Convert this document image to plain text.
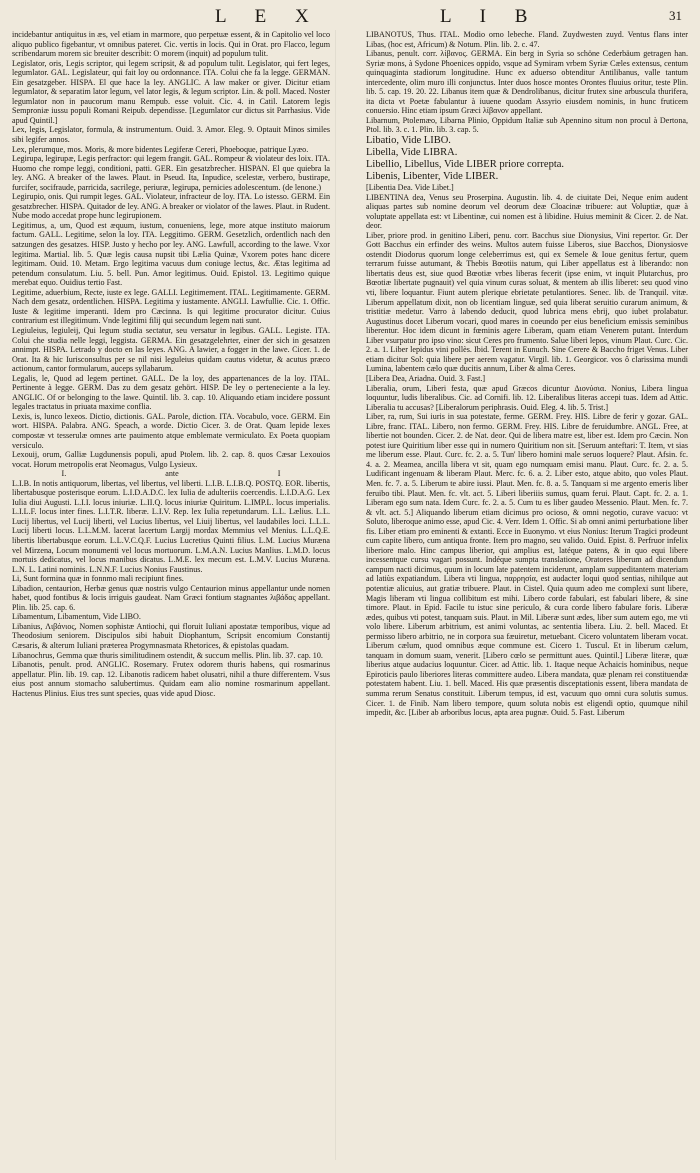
L E X	L I B	31

incidebantur antiquitus in æs, vel etiam in marmore, quo perpetuæ essent, & in Capitolio vel loco aliquo publico figebantur, vt omnibus pateret. Cic. vertis in locis. Qui in Orat. pro Flacco, legum scribendarum morem sic breuiter describit: O morem (inquit) ad populum tulit.

Legislator, oris, Legis scriptor, qui legem scripsit, & ad populum tulit. Legislator, qui fert leges, legumlator. GAL. Legislateur, qui fait loy ou ordonnance. ITA. Colui che fa la legge. GERMAN. Ein gesatzgeber. HISPA. El que hace la ley. ANGLIC. A law maker or giver. Dicitur etiam legumlator, & separatim lator legum, vel lator legis, & legum scriptor. Lin. & poll. Maced. Noster legumlator non in paucorum manu Rempub. esse voluit. Cic. 4. in Catil. Latorem legis Semproniæ iussu populi Romani Reipub. dependisse. [Legumlator cur dictus sit Parrhasius. Vide apud Quintil.]

Lex, legis, Legislator, formula, & instrumentum. Ouid. 3. Amor. Eleg. 9. Optauit Minos similes sibi legifer annos.

Lex, plerumque, mos. Moris, & more bidentes Legiferæ Cereri, Phoeboque, patrique Lyæo.

Legirupa, legirupæ, Legis perfractor: qui legem frangit. GAL. Rompeur & violateur des loix. ITA. Huomo che rompe leggi, conditioni, patti. GER. Ein gesatzbrecher. HISPAN. El que quiebra la ley. ANG. A breaker of the lawes. Plaut. in Pseud. Ita, Inpudice, scelestæ, verbero, bustirape, furcifer, socifraude, parricida, sacrilege, periuræ, legirupa, pernicies adolescentum. (de lenone.)

Legirupio, onis. Qui rumpit leges. GAL. Violateur, infracteur de loy. ITA. Lo istesso. GERM. Ein gesatzbrecher. HISPA. Quitador de ley. ANG. A breaker or violator of the lawes. Plaut. in Rudent. Nube modo accedat prope hunc legirupionem.

Legitimus, a, um, Quod est æquum, iustum, conueniens, lege, more atque instituto maiorum factum. GALL. Legitime, selon la loy. ITA. Leggitimo. GERM. Gesetzlich, ordentlich nach den satzungen des gesatzes. HISP. Justo y hecho por ley. ANG. Lawfull, according to the lawe. Vxor legitima. Martial. lib. 5. Quæ legis causa nupsit tibi Lælia Quinæ, Vxorem potes hanc dicere legitimam. Ouid. 10. Metam. Ergo legitima vacuus dum coniuge lectus, &c. Ætas legitima ad petendum consulatum. Liu. 5. bell. Pun. Amor legitimus. Ouid. Epistol. 13. Legitimo quique merebat equo. Ouidius tertio Fast.

Legitime, aduerbium, Recte, iuste ex lege. GALLI. Legitimement. ITAL. Legitimamente. GERM. Nach dem gesatz, ordentlichen. HISPA. Legitima y iustamente. ANGLI. Lawfullie. Cic. 1. Offic. Iuste & legitime imperanti. Idem pro Cæcinna. Is qui legitime procurator dicitur. Cuius contrarium est illegitimum. Vnde legitimi filij qui secundum legem nati sunt.

Legiuleius, legiuleij, Qui legum studia sectatur, seu versatur in legibus. GALL. Legiste. ITA. Colui che studia nelle leggi, leggista. GERMA. Ein gesatzgelehrter, einer der sich in gesatzen annimpt. HISPA. Letrado y docto en las leyes. ANG. A lawier, a fogger in the lawe. Cicer. 1. de Orat. Ita & hic Iurisconsultus per se nil nisi leguleius quidam cautus videtur, & acutus præco actionum, cantor formularum, auceps syllabarum.

Legalis, le, Quod ad legem pertinet. GALL. De la loy, des appartenances de la loy. ITAL. Pertinente à legge. GERM. Das zu dem gesatz gehört. HISP. De ley o perteneciente a la ley. ANGLIC. Of or belonging to the lawe. Quintil. lib. 3. cap. 10. Aliquando etiam incidere possunt legales tractatus in priuata maxime conflia.

Lexis, is, lunco lexeos. Dictio, dictionis. GAL. Parole, diction. ITA. Vocabulo, voce. GERM. Ein wort. HISPA. Palabra. ANG. Speach, a worde. Dictio Cicer. 3. de Orat. Quam lepide lexes compostæ vt tesserulæ omnes arte pauimento atque emblemate vermiculato. Ex Poeta quopiam versiculo.

Lexouij, orum, Galliæ Lugdunensis populi, apud Ptolem. lib. 2. cap. 8. quos Cæsar Lexouios vocat. Horum metropolis erat Neomagus, Vulgo Lysieux.

I.	ante	I

L.I.B. In notis antiquorum, libertas, vel libertus, vel liberti. L.I.B. L.I.B.Q. POSTQ. EOR. libertis, libertabusque posterisque eorum. L.I.D.A.D.C. lex Iulia de adulteriis coercendis. L.I.D.A.G. Lex Iulia diui Augusti. L.I.I. locus iniuriæ. L.II.Q. locus iniuriæ Quiritum. L.IMP.L. locus imperialis. L.I.L.F. locus inter fines. L.I.T.R. liberæ. L.I.V. Rep. lex Iulia repetundarum. L.L. Lælius. L.L. Lucij libertus, vel Lucij liberti, vel Lucius libertus, vel Liuij libertus, vel laudabiles loci. L.L.L. Lucij liberti locus. L.L.M.M. lacerat lacertum Largij mordax Memmius vel Menius. L.L.Q.E. libertis libertabusque eorum. L.L.V.C.Q.F. Lucius Lucretius Quinti filius. L.M. Lucius Muræna vel Mirzena, Locum monumenti vel locus mortuorum. L.M.A.N. Lucius Manlius. L.M.D. locus mortuis dedicatus, vel locus manibus dicatus. L.M.E. lex mecum est. L.M.V. Lucius Muræna. L.N. L. Latini nominis. L.N.N.F. Lucius Nonius Faustinus.

Li, Sunt formina quæ in fonnmo mali recipiunt fines.

Libadion, centaurion, Herbæ genus quæ nostris vulgo Centaurion minus appellantur unde nomen habet, quod fontibus & locis irriguis gaudeat. Nam Græci fontium stagnantes λιβάδας appellant. Plin. lib. 25. cap. 6.

Libamentum, Libamentum, Vide LIBO.

Libanius, Λιβάνιος, Nomen sophistæ Antiochi, qui floruit Iuliani apostatæ temporibus, vique ad Theodosium seniorem. Discipulos sibi habuit Diophantum, Scripsit encomium Constantij Cæsaris, & alterum Iuliani præterea Progymnasmata Rhetorices, & epistolas quadam.

Libanochrus, Gemma quæ thuris similitudinem ostendit, & succum mellis. Plin. lib. 37. cap. 10.

Libanotis, penult. prod. ANGLIC. Rosemary. Frutex odorem thuris habens, qui rosmarinus appellatur. Plin. lib. 19. cap. 12. Libanotis radicem habet olusatri, nihil a thure differentem. Vsus eius post annum stomacho salubertimus. Quidam eam alio nomine rosmarinum appellant. Hactenus Plinius. Eius tres sunt species, quas vide apud Diosc.

LIBANOTUS, Thus. ITAL. Modio orno lebeche. Fland. Zuydwesten zuyd. Ventus flans inter Libas, (hoc est, Africum) & Notum. Plin. lib. 2. c. 47.

Libanus, penult. corr. λίβανος. GERMA. Ein berg in Syria so schöne Cederbäum getragen han. Syriæ mons, à Sydone Phoenices oppido, vsque ad Symiram vrbem Syriæ Cæles extensus, centum quinquaginta stadiorum longitudine. Hunc ex aduerso obtenditur Antilibanus, valle tantum intercedente, olim muro illi conjunctus. Inter duos hosce montes Orontes fluuius oritur, teste Plin. lib. 5. cap. 19. 20. 22. Libanus item quæ & Dendrolibanus, dicitur frutex sine arbuscula thurifera, ita dicta vt Poetæ fabulantur à iuuene quodam Assyrio eiusdem nominis, in hunc fruticem conuersio. Hinc etiam ipsum Græci λίβανον appellant.

Libarnum, Ptolemæo, Libarna Plinio, Oppidum Italiæ sub Apennino situm non procul à Dertona, Ptol. lib. 3. c. 1. Plin. lib. 3. cap. 5.

Libatio, Vide LIBO.

Libella, Vide LIBRA.

Libellio, Libellus, Vide LIBER priore correpta.

Libenis, Libenter, Vide LIBER.

[Libentia Dea. Vide Libet.]

LIBENTINA dea, Venus seu Proserpina. Augustin. lib. 4. de ciuitate Dei, Neque enim audent aliquas partes sub nomine deorum vel deorum deæ Cloacinæ tribuere: aut Voluptiæ, quæ à voluptate appellata est: vt Libentinæ, cui nomen est à libidine. Huius meminit & Cicer. 2. de Nat. deor.

Liber, priore prod. in genitino Liberi, penu. corr. Bacchus siue Dionysius, Vini repertor. Gr. Der Gott Bacchus ein erfinder des weins. Multos autem fuisse Liberos, siue Bacchos, Dionysiosve ostendit Diodorus quorum longe celeberrimus est, qui ex Semele & Ioue genitus fertur, quem terrarum fuisse autumant, & Thebis Bœotiis natum, qui Liber appellatus est à liberando: non libertatis deus est, siue quod Bœotiæ vrbes liberas fecerit (ipse enim, vt inquit Plutarchus, pro Bœotiæ libertate pugnauit) vel quia vinum curas soluat, & mentem ab illis liberet: seu quod vino vti, libere loquantur. Fiunt autem plerique ebrietate petulantiores. Senec. lib. de Tranquil. vitæ. Liberum appellatum dixit, non ob licentiam linguæ, sed quia liberat seruitio curarum animum, & tristitiæ medetur. Varro à labendo deducit, quod lubrica mens ebrij, quo iubet prolabatur. Augustinus docet Liberum vocari, quod mares in coeundo per eius beneficium emissis seminibus liberentur. Hoc idem dicunt in fœminis agere Liberam, quam etiam Venerem putant. Interdum Liber vsurpatur pro ipso vino: sicut Ceres pro frumento. Salue liberi lepos, vinum Plaut. Curc. Cic. 2. a. 1. Liber lepidus vini pollès. Ibid. Terent in Eunuch. Sine Cerere & Baccho friget Venus. Liber etiam dicitur Sol: quia libere per aerem vagatur. Virgil. lib. 1. Georgicor. vos ô clarissima mundi Lumina, labentem cælo quæ ducitis annum, Liber & alma Ceres.

[Libera Dea, Ariadna. Ouid. 3. Fast.]

Liberalia, orum, Liberi festa, quæ apud Græcos dicuntur Διονύσια. Nonius, Libera lingua loquuntur, ludis liberalibus. Cic. ad Cornifi. lib. 12. Liberalibus literas accepi tuas. Idem ad Attic. Liberalia tu accusas? [Liberalorum periphrasis. Ouid. Eleg. 4. lib. 5. Trist.]

Liber, ra, rum, Sui iuris in sua potestate, ferme. GERM. Frey. HIS. Libre de ferir y gozar. GAL. Libre, franc. ITAL. Libero, non fermo. GERM. Frey. HIS. Libre de feruidumbre. ANGL. Free, at libertie not bounden. Cicer. 2. de Nat. deor. Qui de libera matre est, liber est. Idem pro Cæcin. Non potest iure Quiritium liber esse qui in numero Quiritium non sit. [Seruum anteftari: T. Item, vt sias me liberum esse. Plaut. Curc. fc. 2. a. 5. Tun' libero homini male seruos loquere? Plaut. Afsin. fc. 4. a. 2. Meamea, ancilla libera vt sit, quam ego numquam emisi manu. Plaut. Curc. fc. 2. a. 5. Ludificant ingenuam & liberam Plaut. Merc. fc. 6. a. 2. Liber esto, atque abito, quo voles Plaut. Men. fc. 7. a. 5. Liberum te abire iussi. Plaut. Men. fc. 8. a. 5. Tanquam si me argento emeris liber feruibo tibi. Plaut. Men. fc. vlt. act. 5. Liberi liberiiis sumus, quam ferui. Plaut. Capt. fc. 2. a. 1. Liberam ego sum nata. Idem Curc. fc. 2. a. 5. Cum tu es liber gaudeo Messenio. Plaut. Men. fc. 7. & vlt. act. 5.] Aliquando liberum etiam dicimus pro ocioso, & omni negotio, curave vacuo: vt Soluto, liberoque animo esse, apud Cic. 4. Verr. Idem 1. Offic. Si ab omni animi perturbatione liber fis. Liber etiam pro eminenti & extanti. Ecce in Euonymo. vt eius Nonius: Iterum Tragici prodeunt cum capite libero, cum antiqua fronte. Item pro magno, seu valido. Ouid. Epist. 8. Perfruor infelix liberiore malo. Hinc campus liberior, qui amplius est, latéque patens, & in quo equi libere incessentque cursu vagari possunt. Indéque sumpta translatione, Oratores liberum ad dicendum campum nacti dicimus, quum in locum late patentem inciderunt, amplam suppeditantem materiam ad latiùs expatiandum. Libera vti lingua, παρρησία, est audacter loqui quod sentias, nihilque aut potentiæ alicuius, aut gratiæ tribuere. Plaut. in Cistel. Quia quum adeo me complexi sunt libere, Magis liberam vti lingua collibitum est mihi. Libero corde fabulari, est fabulari libere, & sine timore. Plaut. in Epid. Facile tu istuc sine periculo, & cura corde libero fabulare foris. Liberæ ædes, quibus vti potest, tanquam suis. Plaut. in Mil. Liberæ sunt ædes, liber sum autem ego, me vti volo libere. Liberum arbitrium, est animi voluntas, ac sententia libera. Liu. 2. bell. Maced. Et permisso libero arbitrio, ne in corpora sua fæuiretur, metuebant. Cicero voluntatem liberam vocat. Liberum cælum, quod omnibus æque commune est. Cicero 1. Tuscul. Et in liberum cælum, tanquam in domum suam, venerit. [Libero cœlo se permittunt aues. Quintil.] Liberæ literæ, quæ liberius atque audacius loquuntur. Cicer. ad Attic. lib. 1. Itaque neque Achaicis hominibus, neque Epiroticis paulo liberiores literas committere audeo. Libera mandata, quæ plenam rei constituendæ potestatem habent. Liu. 1. bell. Maced. His quæ præsentis disceptationis essent, libera mandata de summa rerum Senatus constituit. Liberum tempus, id est, vacuum quo omni cura solutis sumus. Cicer. 1. de Finib. Nam libero tempore, quum soluta nobis est eligendi optio, quumque nihil impedit, &c. [Liber ab arboribus locus, apta area pugnæ. Ouid. 5. Fast. Liberum
